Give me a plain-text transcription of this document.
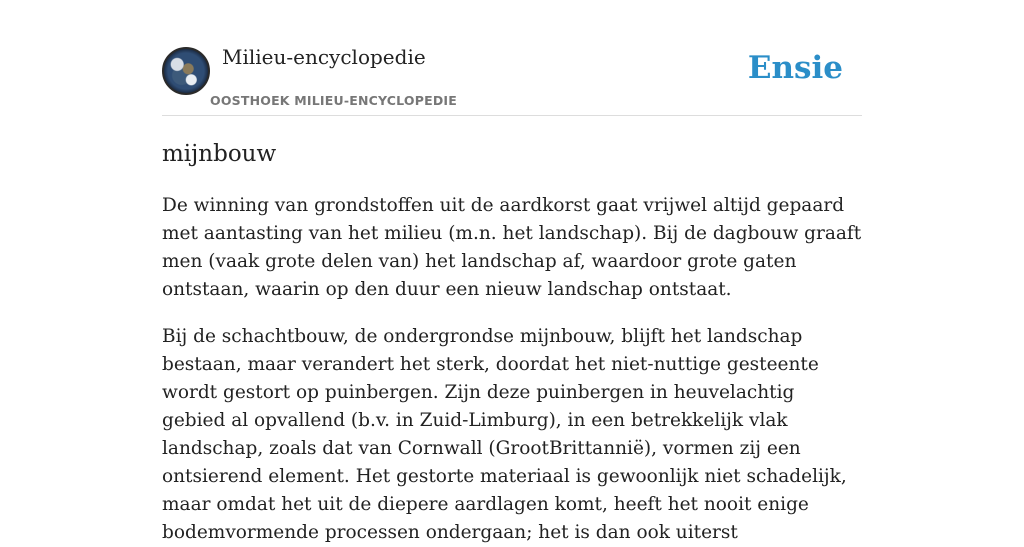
Milieu-encyclopedie
OOSTHOEK MILIEU-ENCYCLOPEDIE
Ensie
mijnbouw

De winning van grondstoffen uit de aardkorst gaat vrijwel altijd gepaard met aantasting van het milieu (m.n. het landschap). Bij de dagbouw graaft men (vaak grote delen van) het landschap af, waardoor grote gaten ontstaan, waarin op den duur een nieuw landschap ontstaat.

Bij de schachtbouw, de ondergrondse mijnbouw, blijft het landschap bestaan, maar verandert het sterk, doordat het niet-nuttige gesteente wordt gestort op puinbergen. Zijn deze puinbergen in heuvelachtig gebied al opvallend (b.v. in Zuid-Limburg), in een betrekkelijk vlak landschap, zoals dat van Cornwall (GrootBrittannië), vormen zij een ontsierend element. Het gestorte materiaal is gewoonlijk niet schadelijk, maar omdat het uit de diepere aardlagen komt, heeft het nooit enige bodemvormende processen ondergaan; het is dan ook uiterst
